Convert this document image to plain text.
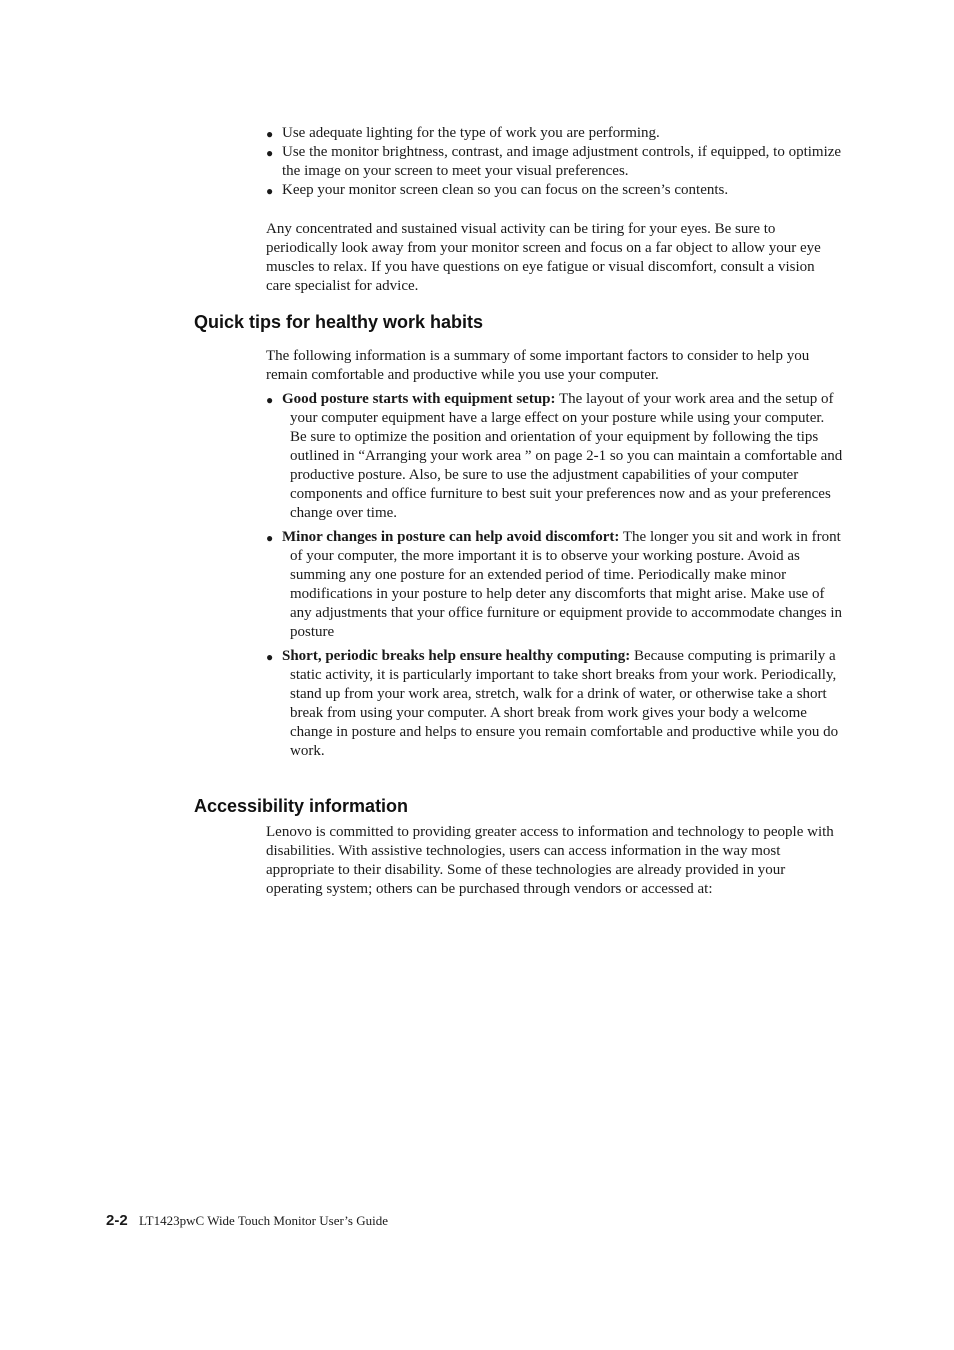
● Use adequate lighting for the type of work you are performing.
● Use the monitor brightness, contrast, and image adjustment controls, if equipped, to optimize the image on your screen to meet your visual preferences.
● Keep your monitor screen clean so you can focus on the screen’s contents.

Any concentrated and sustained visual activity can be tiring for your eyes. Be sure to periodically look away from your monitor screen and focus on a far object to allow your eye muscles to relax. If you have questions on eye fatigue or visual discomfort, consult a vision care specialist for advice.

Quick tips for healthy work habits

The following information is a summary of some important factors to consider to help you remain comfortable and productive while you use your computer.

● Good posture starts with equipment setup: The layout of your work area and the setup of your computer equipment have a large effect on your posture while using your computer. Be sure to optimize the position and orientation of your equipment by following the tips outlined in “Arranging your work area ” on page 2-1 so you can maintain a comfortable and productive posture. Also, be sure to use the adjustment capabilities of your computer components and office furniture to best suit your preferences now and as your preferences change over time.
● Minor changes in posture can help avoid discomfort: The longer you sit and work in front of your computer, the more important it is to observe your working posture. Avoid as summing any one posture for an extended period of time. Periodically make minor modifications in your posture to help deter any discomforts that might arise. Make use of any adjustments that your office furniture or equipment provide to accommodate changes in posture
● Short, periodic breaks help ensure healthy computing: Because computing is primarily a static activity, it is particularly important to take short breaks from your work. Periodically, stand up from your work area, stretch, walk for a drink of water, or otherwise take a short break from using your computer. A short break from work gives your body a welcome change in posture and helps to ensure you remain comfortable and productive while you do work.
Accessibility information

Lenovo is committed to providing greater access to information and technology to people with disabilities. With assistive technologies, users can access information in the way most appropriate to their disability. Some of these technologies are already provided in your operating system; others can be purchased through vendors or accessed at:

2-2 LT1423pwC Wide Touch Monitor User’s Guide
